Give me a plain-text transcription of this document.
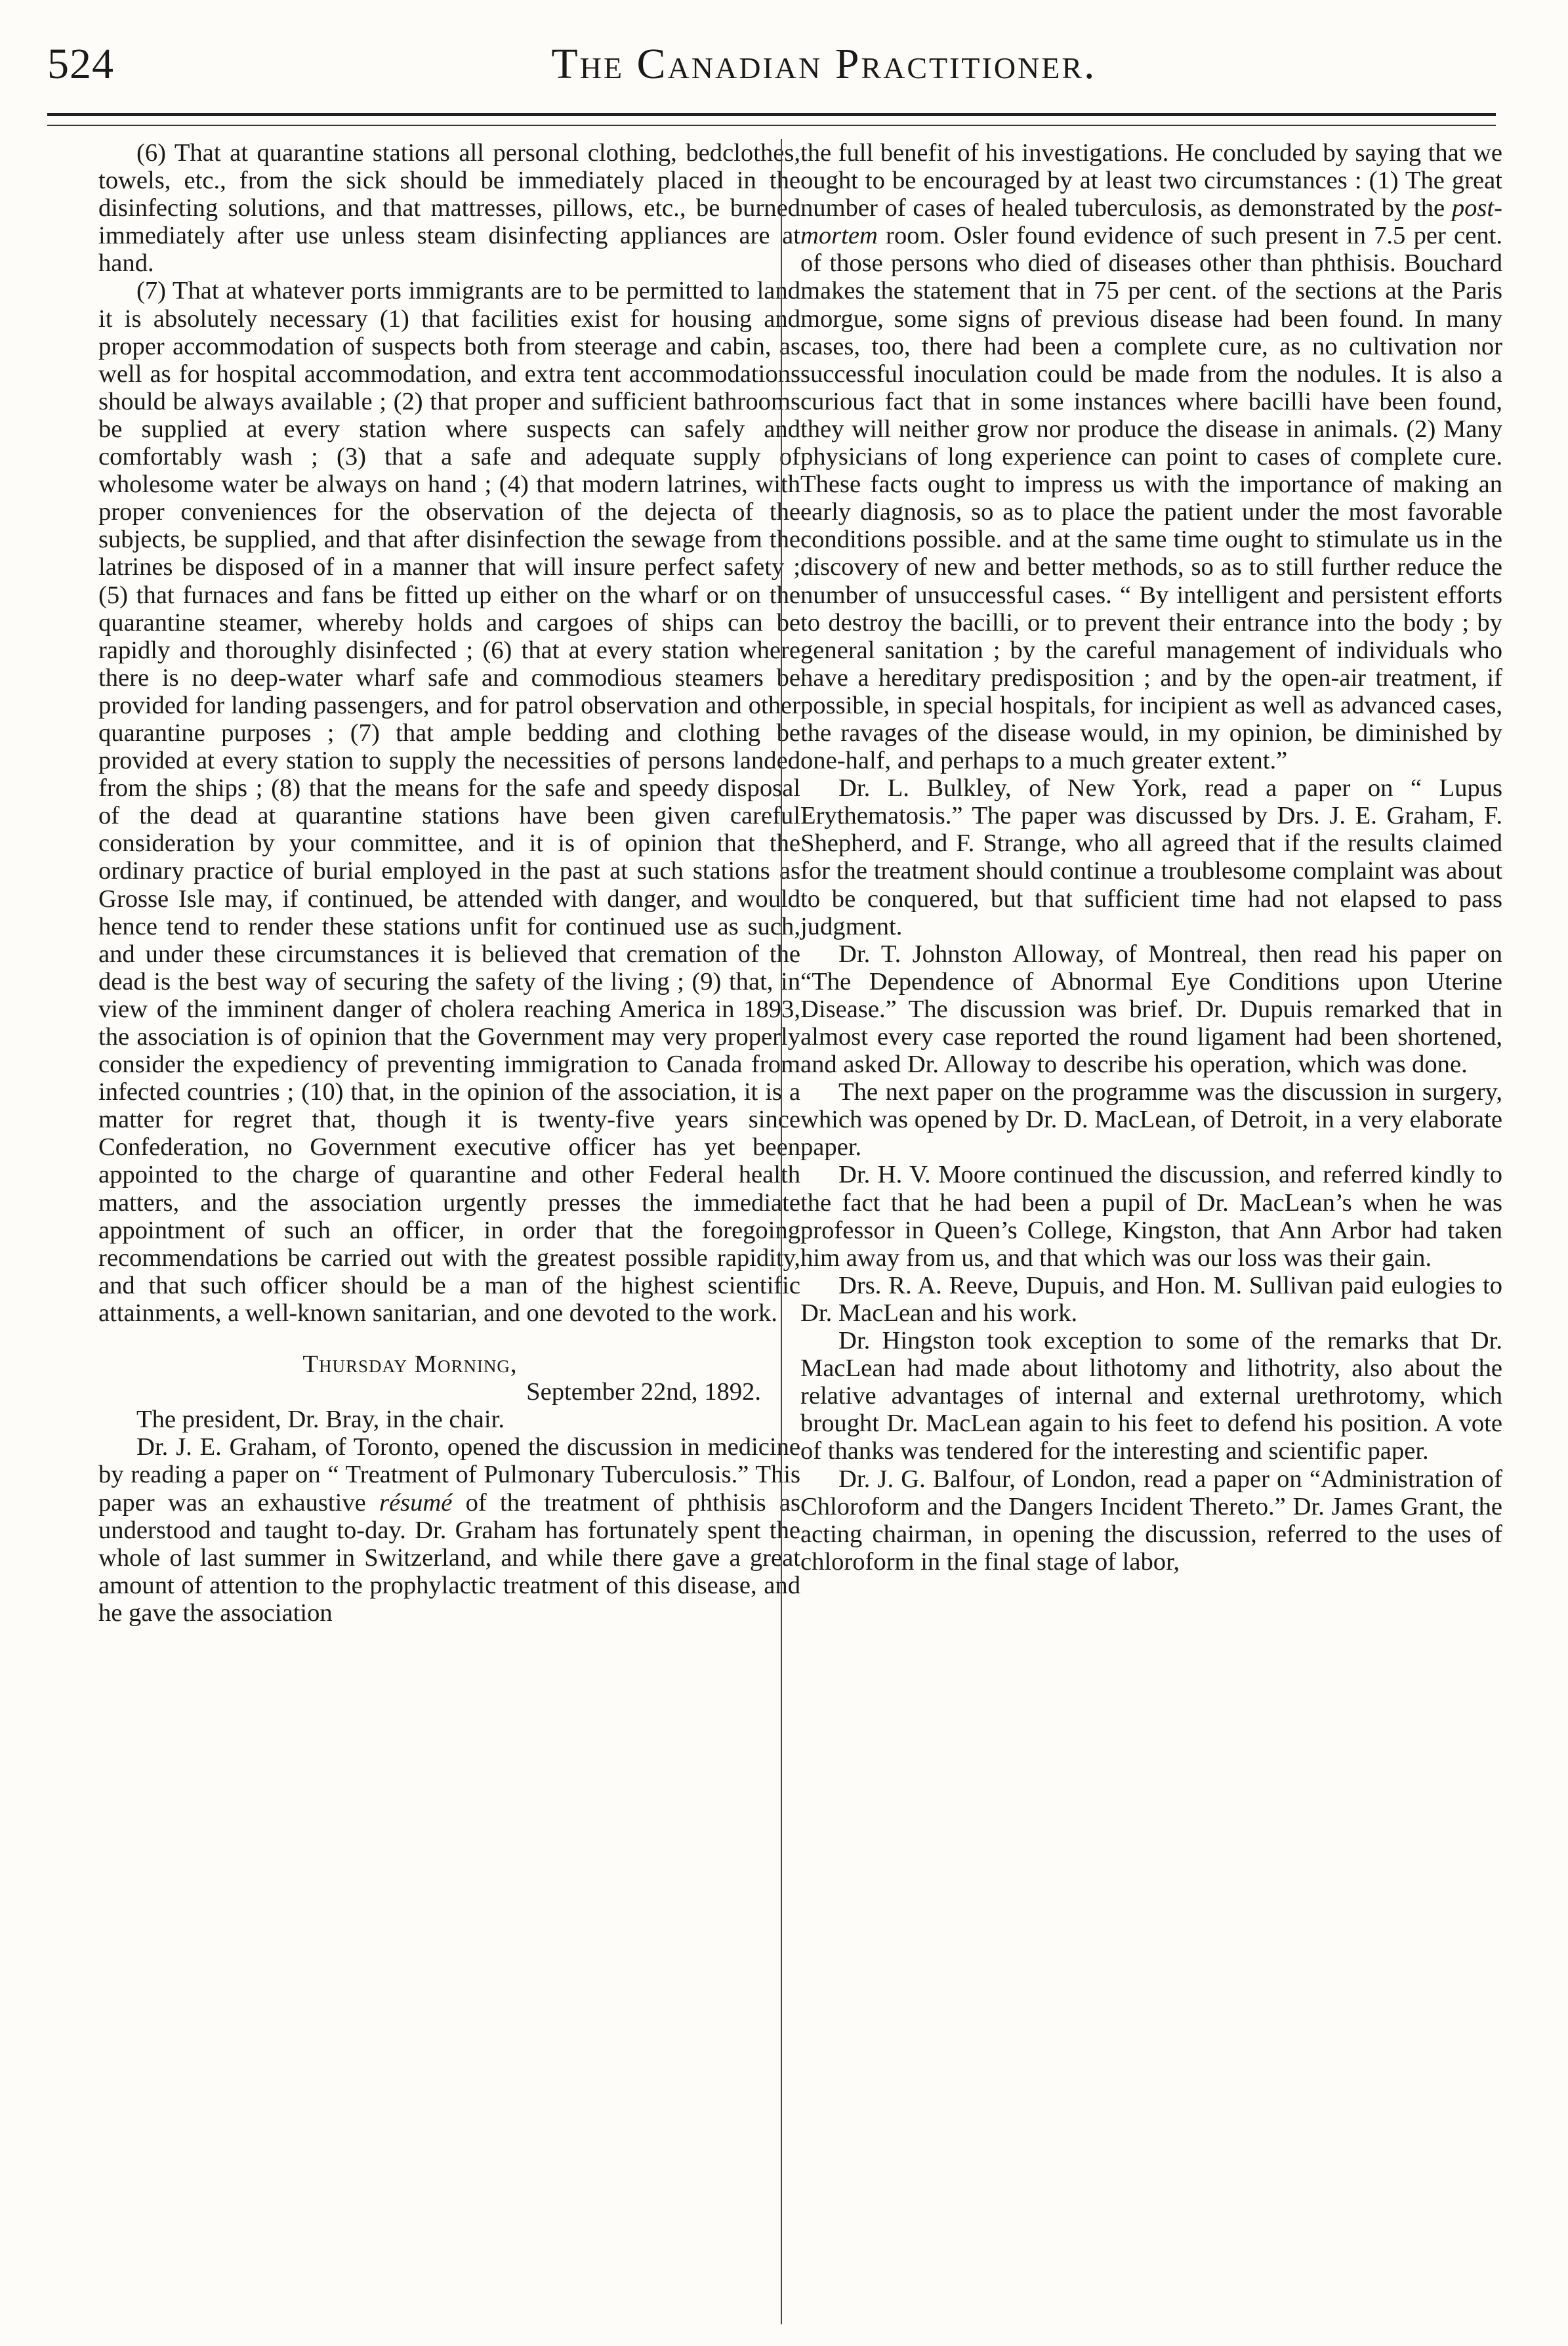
524	The Canadian Practitioner.

(6) That at quarantine stations all personal clothing, bedclothes, towels, etc., from the sick should be immediately placed in the disinfecting solutions, and that mattresses, pillows, etc., be burned immediately after use unless steam disinfecting appliances are at hand.

(7) That at whatever ports immigrants are to be permitted to land it is absolutely necessary (1) that facilities exist for housing and proper accommodation of suspects both from steerage and cabin, as well as for hospital accommodation, and extra tent accommodations should be always available ; (2) that proper and sufficient bathrooms be supplied at every station where suspects can safely and comfortably wash ; (3) that a safe and adequate supply of wholesome water be always on hand ; (4) that modern latrines, with proper conveniences for the observation of the dejecta of the subjects, be supplied, and that after disinfection the sewage from the latrines be disposed of in a manner that will insure perfect safety ; (5) that furnaces and fans be fitted up either on the wharf or on the quarantine steamer, whereby holds and cargoes of ships can be rapidly and thoroughly disinfected ; (6) that at every station where there is no deep-water wharf safe and commodious steamers be provided for landing passengers, and for patrol observation and other quarantine purposes ; (7) that ample bedding and clothing be provided at every station to supply the necessities of persons landed from the ships ; (8) that the means for the safe and speedy disposal of the dead at quarantine stations have been given careful consideration by your committee, and it is of opinion that the ordinary practice of burial employed in the past at such stations as Grosse Isle may, if continued, be attended with danger, and would hence tend to render these stations unfit for continued use as such, and under these circumstances it is believed that cremation of the dead is the best way of securing the safety of the living ; (9) that, in view of the imminent danger of cholera reaching America in 1893, the association is of opinion that the Government may very properly consider the expediency of preventing immigration to Canada from infected countries ; (10) that, in the opinion of the association, it is a matter for regret that, though it is twenty-five years since Confederation, no Government executive officer has yet been appointed to the charge of quarantine and other Federal health matters, and the association urgently presses the immediate appointment of such an officer, in order that the foregoing recommendations be carried out with the greatest possible rapidity, and that such officer should be a man of the highest scientific attainments, a well-known sanitarian, and one devoted to the work.

Thursday Morning,
September 22nd, 1892.

The president, Dr. Bray, in the chair.

Dr. J. E. Graham, of Toronto, opened the discussion in medicine by reading a paper on “ Treatment of Pulmonary Tuberculosis.” This paper was an exhaustive résumé of the treatment of phthisis as understood and taught to-day. Dr. Graham has fortunately spent the whole of last summer in Switzerland, and while there gave a great amount of attention to the prophylactic treatment of this disease, and he gave the association

the full benefit of his investigations. He concluded by saying that we ought to be encouraged by at least two circumstances : (1) The great number of cases of healed tuberculosis, as demonstrated by the post-mortem room. Osler found evidence of such present in 7.5 per cent. of those persons who died of diseases other than phthisis. Bouchard makes the statement that in 75 per cent. of the sections at the Paris morgue, some signs of previous disease had been found. In many cases, too, there had been a complete cure, as no cultivation nor successful inoculation could be made from the nodules. It is also a curious fact that in some instances where bacilli have been found, they will neither grow nor produce the disease in animals. (2) Many physicians of long experience can point to cases of complete cure. These facts ought to impress us with the importance of making an early diagnosis, so as to place the patient under the most favorable conditions possible. and at the same time ought to stimulate us in the discovery of new and better methods, so as to still further reduce the number of unsuccessful cases. “ By intelligent and persistent efforts to destroy the bacilli, or to prevent their entrance into the body ; by general sanitation ; by the careful management of individuals who have a hereditary predisposition ; and by the open-air treatment, if possible, in special hospitals, for incipient as well as advanced cases, the ravages of the disease would, in my opinion, be diminished by one-half, and perhaps to a much greater extent.”

Dr. L. Bulkley, of New York, read a paper on “ Lupus Erythematosis.” The paper was discussed by Drs. J. E. Graham, F. Shepherd, and F. Strange, who all agreed that if the results claimed for the treatment should continue a troublesome complaint was about to be conquered, but that sufficient time had not elapsed to pass judgment.

Dr. T. Johnston Alloway, of Montreal, then read his paper on “The Dependence of Abnormal Eye Conditions upon Uterine Disease.” The discussion was brief. Dr. Dupuis remarked that in almost every case reported the round ligament had been shortened, and asked Dr. Alloway to describe his operation, which was done.

The next paper on the programme was the discussion in surgery, which was opened by Dr. D. MacLean, of Detroit, in a very elaborate paper.

Dr. H. V. Moore continued the discussion, and referred kindly to the fact that he had been a pupil of Dr. MacLean’s when he was professor in Queen’s College, Kingston, that Ann Arbor had taken him away from us, and that which was our loss was their gain.

Drs. R. A. Reeve, Dupuis, and Hon. M. Sullivan paid eulogies to Dr. MacLean and his work.

Dr. Hingston took exception to some of the remarks that Dr. MacLean had made about lithotomy and lithotrity, also about the relative advantages of internal and external urethrotomy, which brought Dr. MacLean again to his feet to defend his position. A vote of thanks was tendered for the interesting and scientific paper.

Dr. J. G. Balfour, of London, read a paper on “Administration of Chloroform and the Dangers Incident Thereto.” Dr. James Grant, the acting chairman, in opening the discussion, referred to the uses of chloroform in the final stage of labor,
